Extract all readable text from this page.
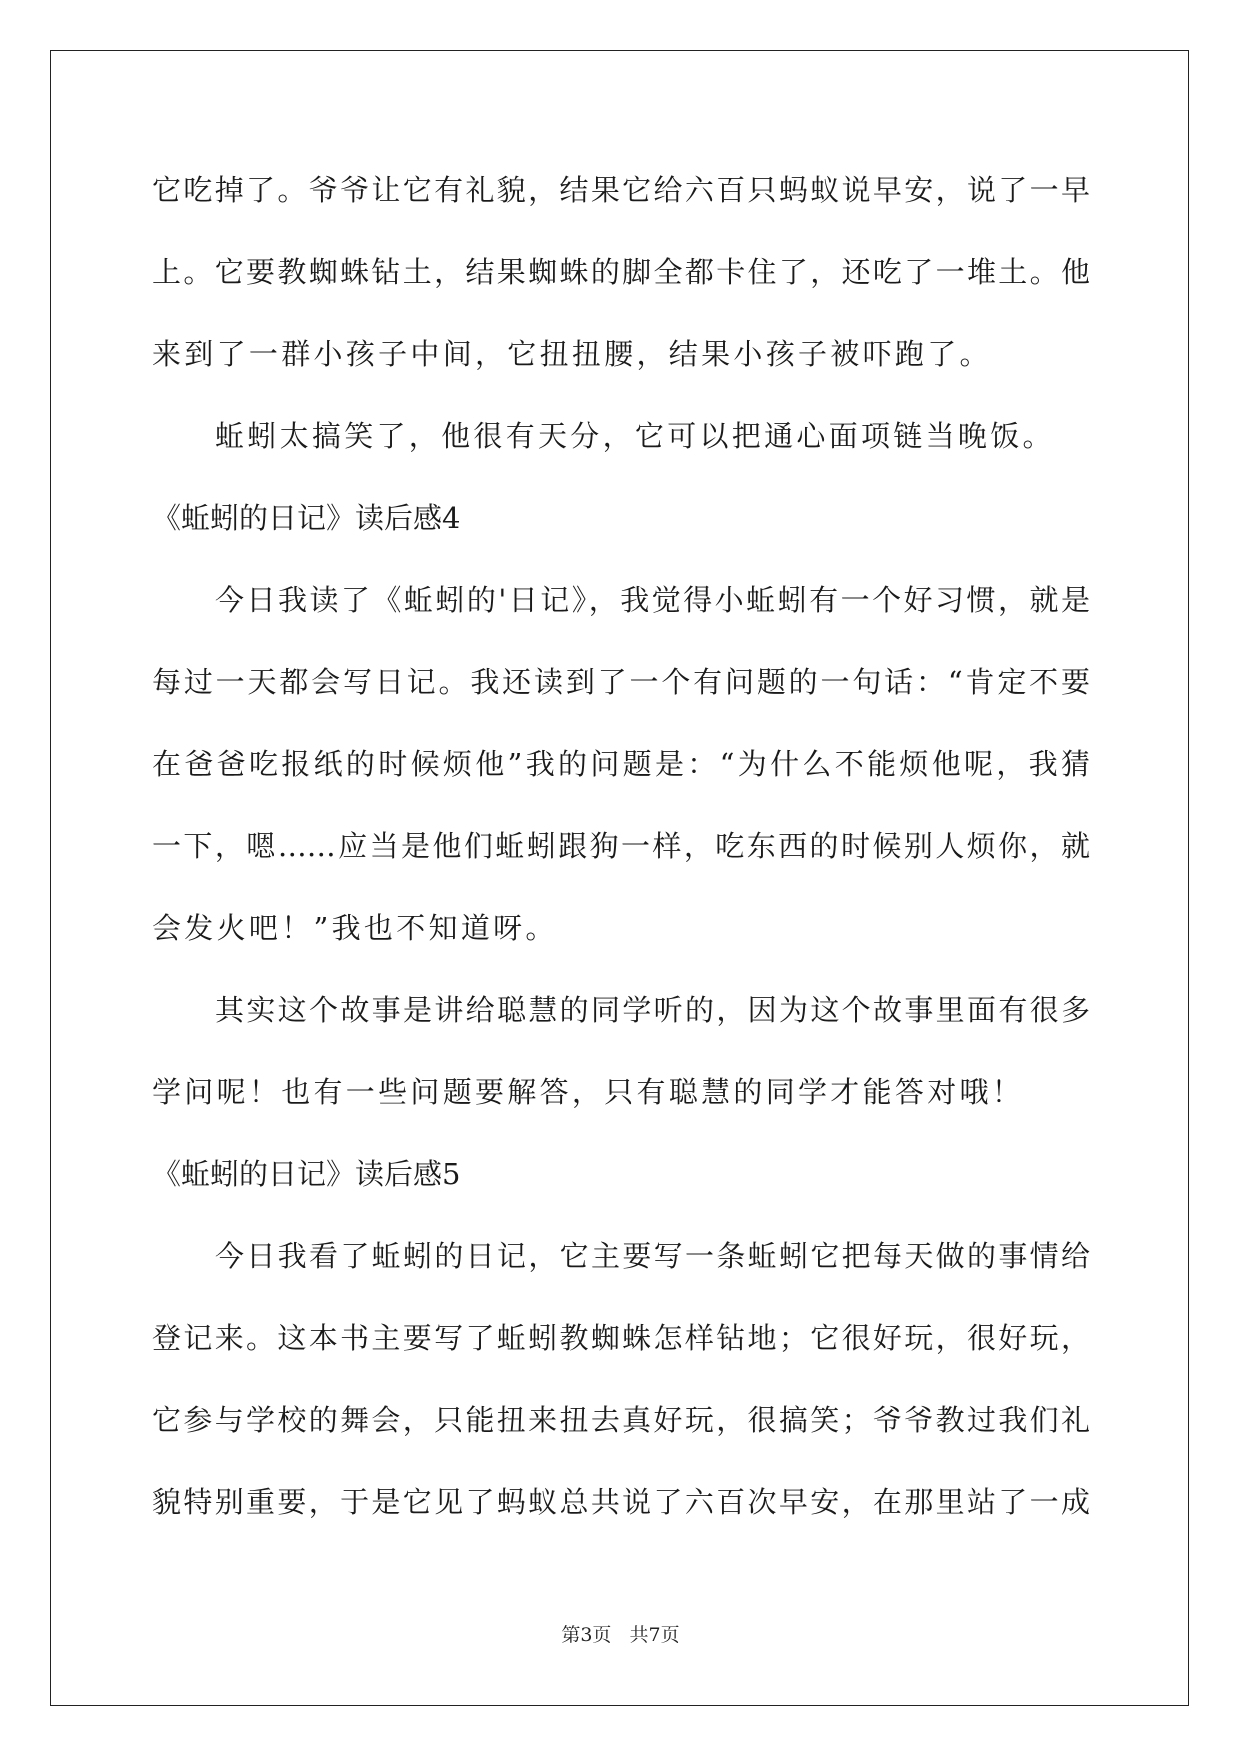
它吃掉了。爷爷让它有礼貌，结果它给六百只蚂蚁说早安，说了一早
上。它要教蜘蛛钻土，结果蜘蛛的脚全都卡住了，还吃了一堆土。他
来到了一群小孩子中间，它扭扭腰，结果小孩子被吓跑了。
蚯蚓太搞笑了，他很有天分，它可以把通心面项链当晚饭。
《蚯蚓的日记》读后感4
今日我读了《蚯蚓的'日记》，我觉得小蚯蚓有一个好习惯，就是
每过一天都会写日记。我还读到了一个有问题的一句话：“肯定不要
在爸爸吃报纸的时候烦他”我的问题是：“为什么不能烦他呢，我猜
一下，嗯……应当是他们蚯蚓跟狗一样，吃东西的时候别人烦你，就
会发火吧！”我也不知道呀。
其实这个故事是讲给聪慧的同学听的，因为这个故事里面有很多
学问呢！也有一些问题要解答，只有聪慧的同学才能答对哦！
《蚯蚓的日记》读后感5
今日我看了蚯蚓的日记，它主要写一条蚯蚓它把每天做的事情给
登记来。这本书主要写了蚯蚓教蜘蛛怎样钻地；它很好玩，很好玩，
它参与学校的舞会，只能扭来扭去真好玩，很搞笑；爷爷教过我们礼
貌特别重要，于是它见了蚂蚁总共说了六百次早安，在那里站了一成
第3页   共7页
